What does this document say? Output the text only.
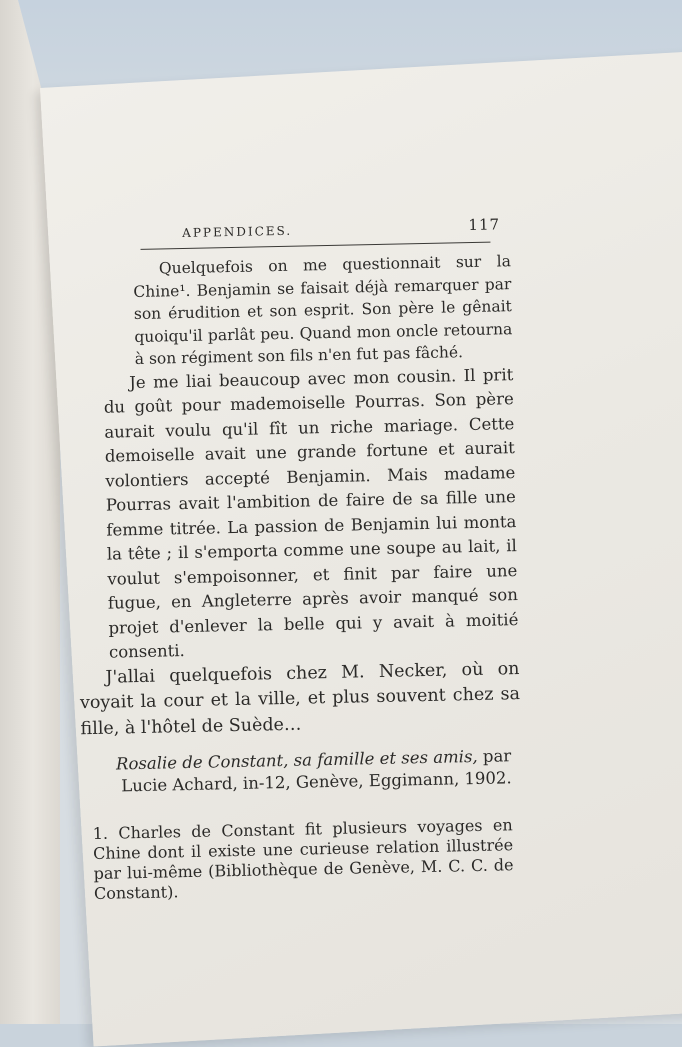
APPENDICES.	117

Quelquefois on me questionnait sur la Chine¹. Benjamin se faisait déjà remarquer par son érudition et son esprit. Son père le gênait quoiqu'il parlât peu. Quand mon oncle retourna à son régiment son fils n'en fut pas fâché.

Je me liai beaucoup avec mon cousin. Il prit du goût pour mademoiselle Pourras. Son père aurait voulu qu'il fît un riche mariage. Cette demoiselle avait une grande fortune et aurait volontiers accepté Benjamin. Mais madame Pourras avait l'ambition de faire de sa fille une femme titrée. La passion de Benjamin lui monta la tête ; il s'emporta comme une soupe au lait, il voulut s'empoisonner, et finit par faire une fugue, en Angleterre après avoir manqué son projet d'enlever la belle qui y avait à moitié consenti.

J'allai quelquefois chez M. Necker, où on voyait la cour et la ville, et plus souvent chez sa fille, à l'hôtel de Suède…

Rosalie de Constant, sa famille et ses amis, par Lucie Achard, in-12, Genève, Eggimann, 1902.
1. Charles de Constant fit plusieurs voyages en Chine dont il existe une curieuse relation illustrée par lui-même (Bibliothèque de Genève, M. C. C. de Constant).
